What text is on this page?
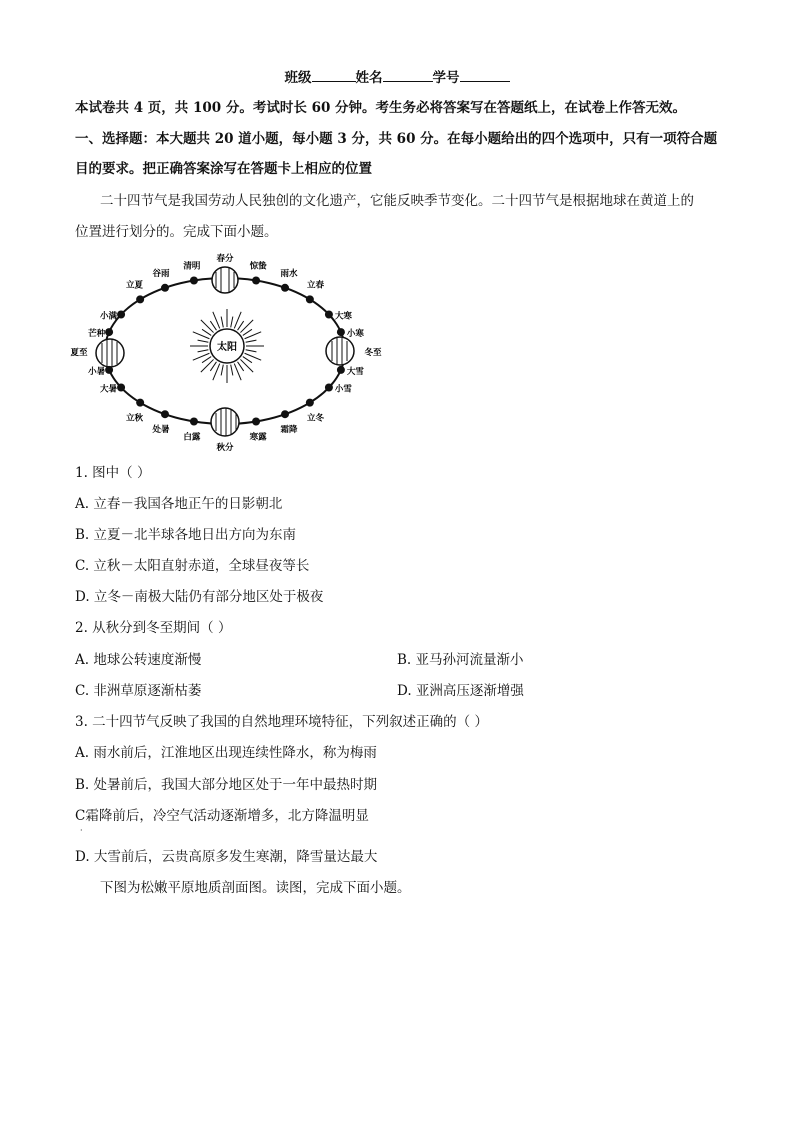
班级	姓名	学号
本试卷共 4 页，共 100 分。考试时长 60 分钟。考生务必将答案写在答题纸上，在试卷上作答无效。
一、选择题：本大题共 20 道小题，每小题 3 分，共 60 分。在每小题给出的四个选项中，只有一项符合题
目的要求。把正确答案涂写在答题卡上相应的位置
二十四节气是我国劳动人民独创的文化遗产，它能反映季节变化。二十四节气是根据地球在黄道上的
位置进行划分的。完成下面小题。
太阳
春分
惊蛰
雨水
立春
大寒
小寒
冬至
大雪
小雪
立冬
霜降
寒露
秋分
白露
处暑
立秋
大暑
小暑
夏至
芒种
小满
立夏
谷雨
清明
1. 图中（ ）
A. 立春－我国各地正午的日影朝北
B. 立夏－北半球各地日出方向为东南
C. 立秋－太阳直射赤道，全球昼夜等长
D. 立冬－南极大陆仍有部分地区处于极夜
2. 从秋分到冬至期间（ ）
A. 地球公转速度渐慢	B. 亚马孙河流量渐小
C. 非洲草原逐渐枯萎	D. 亚洲高压逐渐增强
3. 二十四节气反映了我国的自然地理环境特征，下列叙述正确的（ ）
A. 雨水前后，江淮地区出现连续性降水，称为梅雨
B. 处暑前后，我国大部分地区处于一年中最热时期
C霜降前后，冷空气活动逐渐增多，北方降温明显
·
D. 大雪前后，云贵高原多发生寒潮，降雪量达最大
下图为松嫩平原地质剖面图。读图，完成下面小题。
